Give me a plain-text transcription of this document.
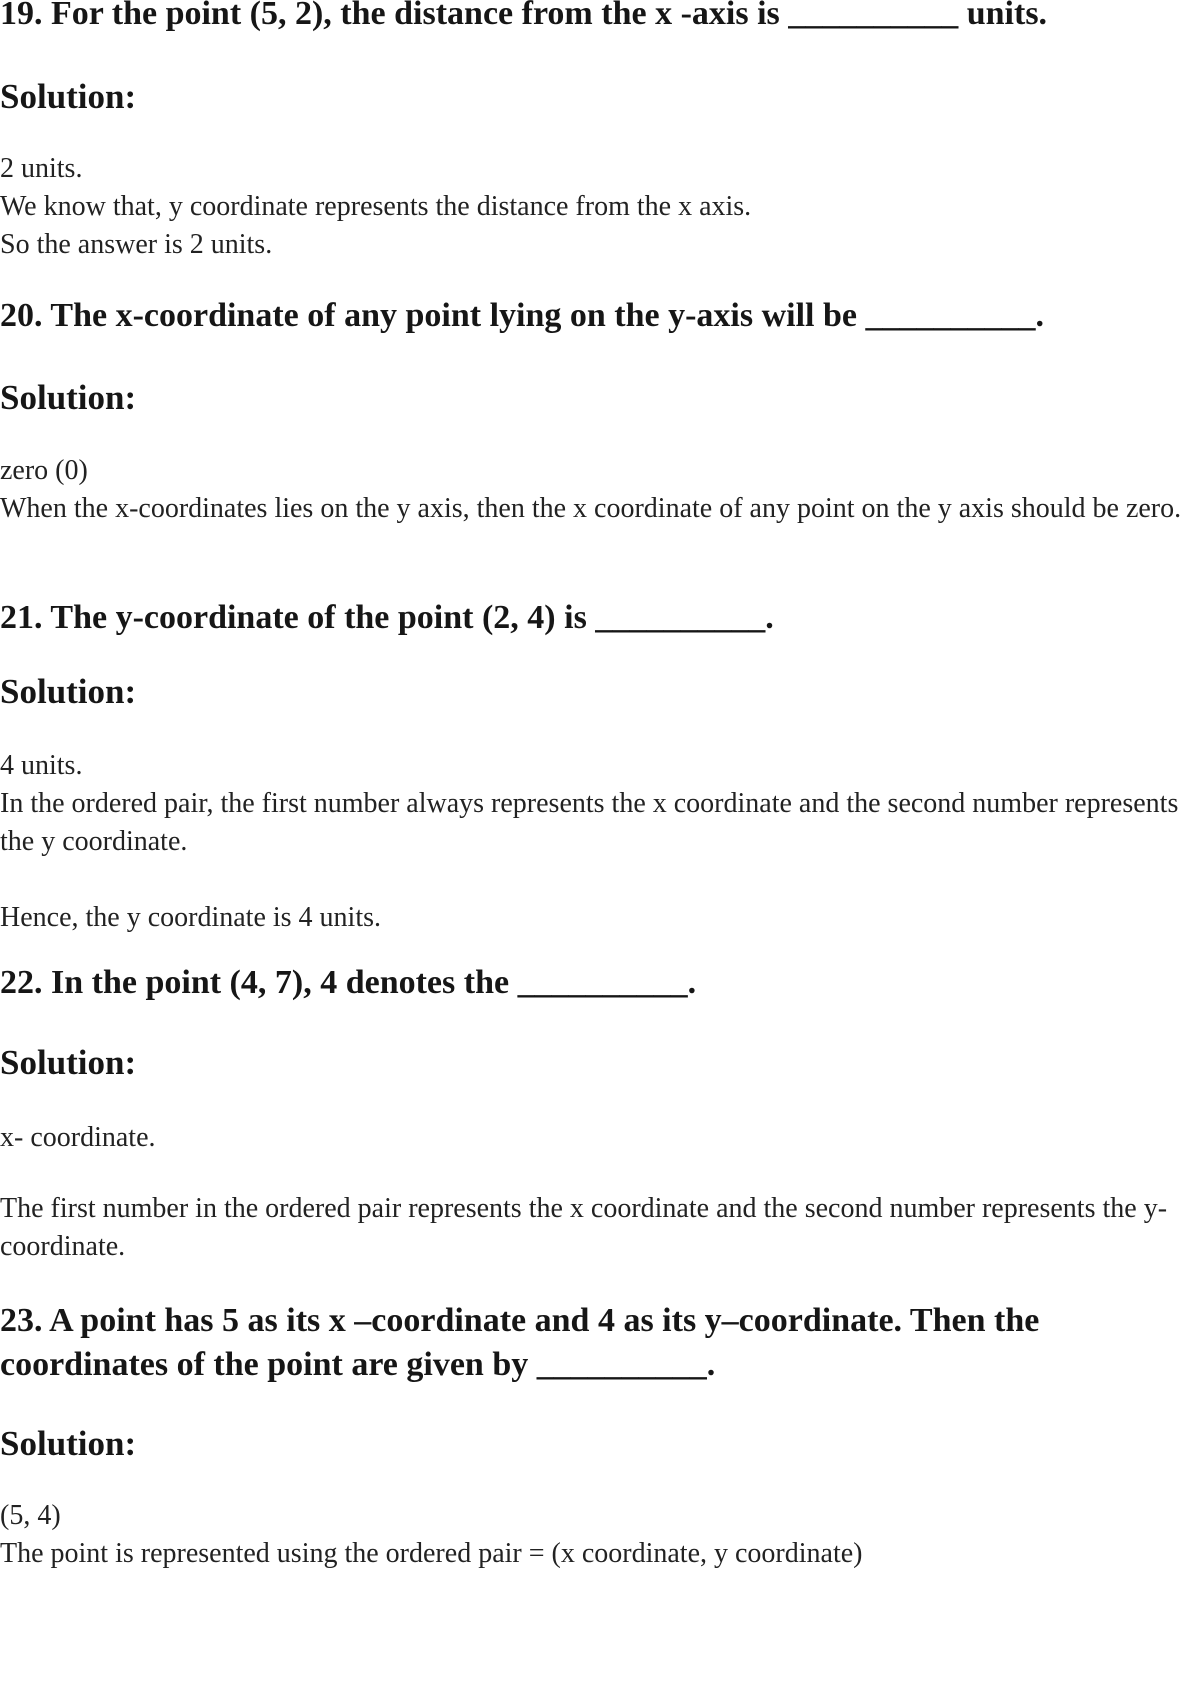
19. For the point (5, 2), the distance from the x -axis is __________ units.
Solution:

2 units.

We know that, y coordinate represents the distance from the x axis.

So the answer is 2 units.

20. The x-coordinate of any point lying on the y-axis will be __________.
Solution:

zero (0)

When the x-coordinates lies on the y axis, then the x coordinate of any point on the y axis should be zero.

21. The y-coordinate of the point (2, 4) is __________.
Solution:

4 units.

In the ordered pair, the first number always represents the x coordinate and the second number represents the y coordinate.

Hence, the y coordinate is 4 units.

22. In the point (4, 7), 4 denotes the __________.
Solution:

x- coordinate.

The first number in the ordered pair represents the x coordinate and the second number represents the y- coordinate.

23. A point has 5 as its x –coordinate and 4 as its y–coordinate. Then the coordinates of the point are given by __________.
Solution:

(5, 4)

The point is represented using the ordered pair = (x coordinate, y coordinate)
